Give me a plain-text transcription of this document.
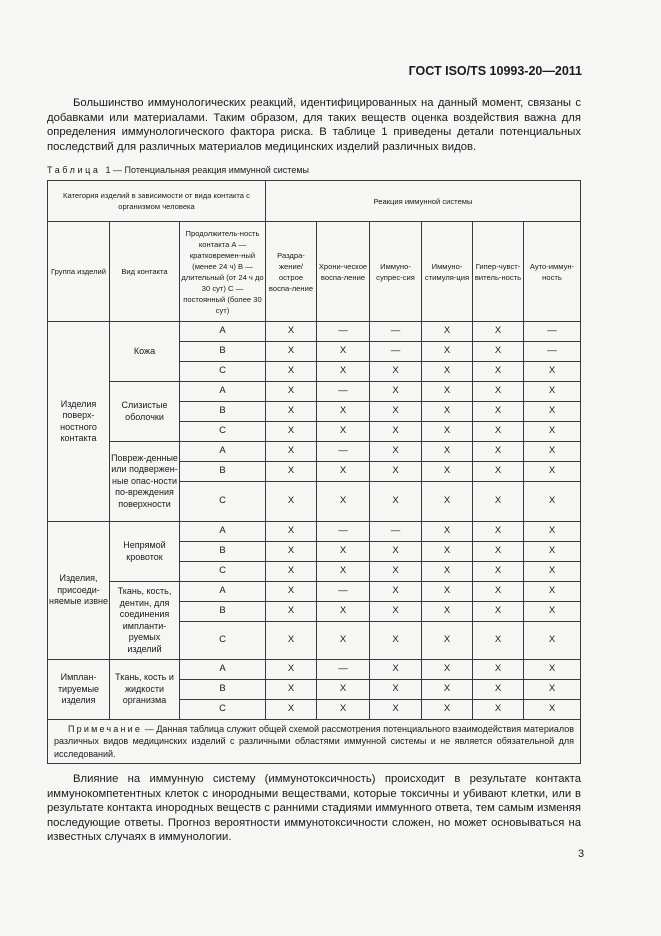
ГОСТ ISO/TS 10993-20—2011

Большинство иммунологических реакций, идентифицированных на данный момент, связаны с добавками или материалами. Таким образом, для таких веществ оценка воздействия важна для определения иммунологического фактора риска. В таблице 1 приведены детали потенциальных последствий для различных материалов медицинских изделий различных видов.

Таблица 1 — Потенциальная реакция иммунной системы
Категория изделий в зависимости от вида контакта с организмом человека			Реакция иммунной системы					
Группа изделий	Вид контакта	Продолжитель-ность контакта А — кратковремен-ный (менее 24 ч) В — длительный (от 24 ч до 30 сут) С — постоянный (более 30 сут)	Раздра-жение/ острое воспа-ление	Хрони-ческое воспа-ление	Иммуно-супрес-сия	Иммуно-стимуля-ция	Гипер-чувст-витель-ность	Ауто-иммун-ность
Изделия поверх-ностного контакта	Кожа	A	X	—	—	X	X	—
		B	X	X	—	X	X	—
		C	X	X	X	X	X	X
	Слизистые оболочки	A	X	—	X	X	X	X
		B	X	X	X	X	X	X
		C	X	X	X	X	X	X
	Повреж-денные или подвержен-ные опас-ности по-вреждения поверхности	A	X	—	X	X	X	X
		B	X	X	X	X	X	X
		C	X	X	X	X	X	X
Изделия, присоеди-няемые извне	Непрямой кровоток	A	X	—	—	X	X	X
		B	X	X	X	X	X	X
		C	X	X	X	X	X	X
	Ткань, кость, дентин, для соединения импланти-руемых изделий	A	X	—	X	X	X	X
		B	X	X	X	X	X	X
		C	X	X	X	X	X	X
Имплан-тируемые изделия	Ткань, кость и жидкости организма	A	X	—	X	X	X	X
		B	X	X	X	X	X	X
		C	X	X	X	X	X	X

Примечание — Данная таблица служит общей схемой рассмотрения потенциального взаимодействия материалов различных видов медицинских изделий с различными областями иммунной системы и не является обязательной для исследований.								

Влияние на иммунную систему (иммунотоксичность) происходит в результате контакта иммунокомпетентных клеток с инородными веществами, которые токсичны и убивают клетки, или в результате контакта инородных веществ с ранними стадиями иммунного ответа, тем самым изменяя последующие ответы. Прогноз вероятности иммунотоксичности сложен, но может основываться на известных случаях в иммунологии.

3
